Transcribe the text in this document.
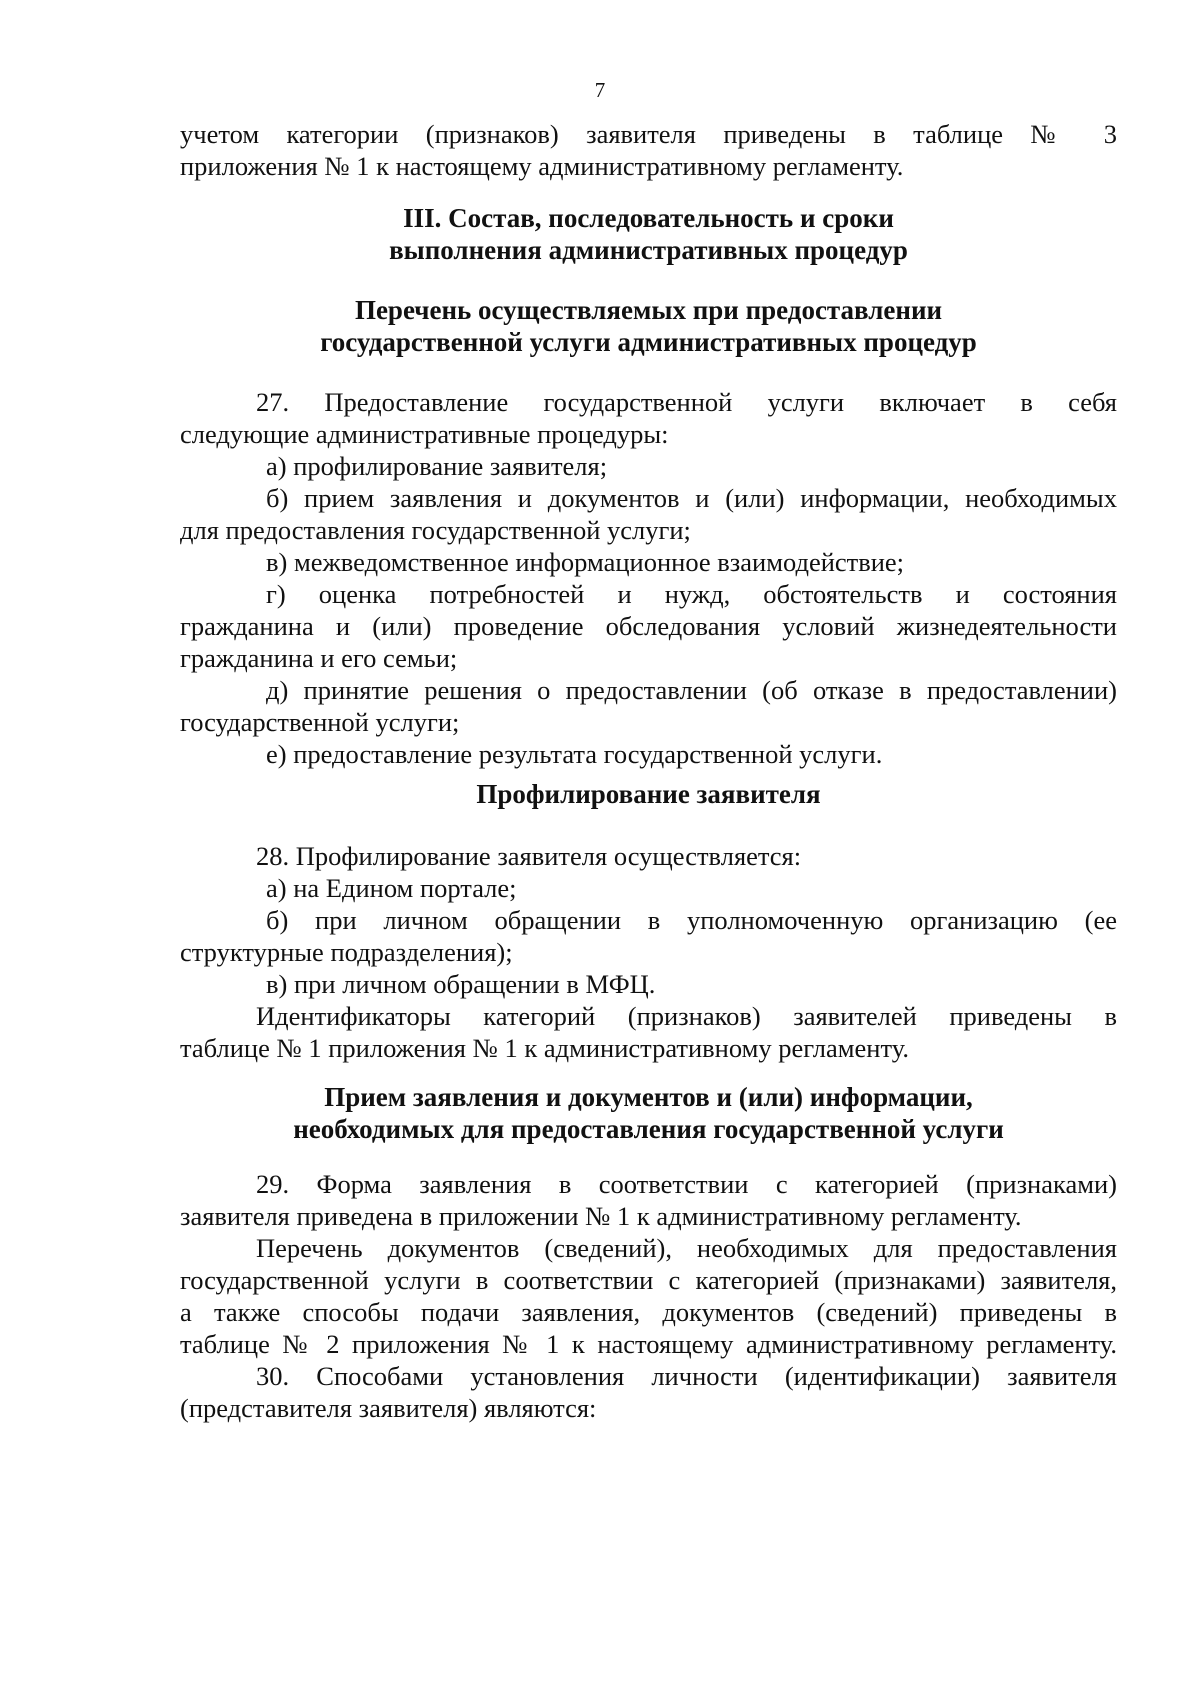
7
учетом категории (признаков) заявителя приведены в таблице № 3
приложения № 1 к настоящему административному регламенту.
III. Состав, последовательность и сроки
выполнения административных процедур
Перечень осуществляемых при предоставлении
государственной услуги административных процедур
27. Предоставление государственной услуги включает в себя
следующие административные процедуры:
а) профилирование заявителя;
б) прием заявления и документов и (или) информации, необходимых
для предоставления государственной услуги;
в) межведомственное информационное взаимодействие;
г) оценка потребностей и нужд, обстоятельств и состояния
гражданина и (или) проведение обследования условий жизнедеятельности
гражданина и его семьи;
д) принятие решения о предоставлении (об отказе в предоставлении)
государственной услуги;
е) предоставление результата государственной услуги.
Профилирование заявителя
28. Профилирование заявителя осуществляется:
а) на Едином портале;
б) при личном обращении в уполномоченную организацию (ее
структурные подразделения);
в) при личном обращении в МФЦ.
Идентификаторы категорий (признаков) заявителей приведены в
таблице № 1 приложения № 1 к административному регламенту.
Прием заявления и документов и (или) информации,
необходимых для предоставления государственной услуги
29. Форма заявления в соответствии с категорией (признаками)
заявителя приведена в приложении № 1 к административному регламенту.
Перечень документов (сведений), необходимых для предоставления
государственной услуги в соответствии с категорией (признаками) заявителя,
а также способы подачи заявления, документов (сведений) приведены в
таблице № 2 приложения № 1 к настоящему административному регламенту.
30. Способами установления личности (идентификации) заявителя
(представителя заявителя) являются:
